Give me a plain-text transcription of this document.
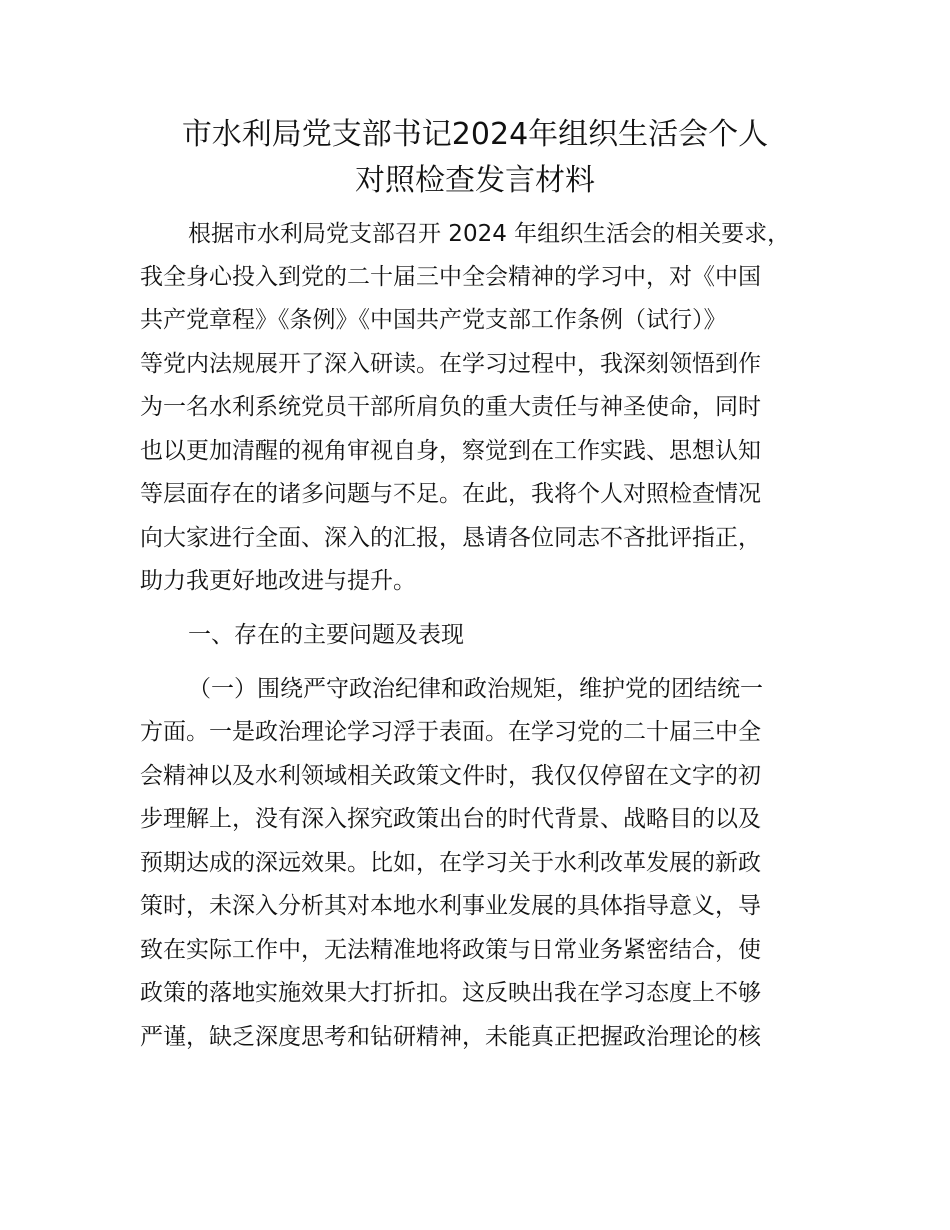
市水利局党支部书记2024年组织生活会个人
对照检查发言材料
根据市水利局党支部召开 2024 年组织生活会的相关要求，
我全身心投入到党的二十届三中全会精神的学习中，对《中国
共产党章程》《条例》《中国共产党支部工作条例（试行）》
等党内法规展开了深入研读。在学习过程中，我深刻领悟到作
为一名水利系统党员干部所肩负的重大责任与神圣使命，同时
也以更加清醒的视角审视自身，察觉到在工作实践、思想认知
等层面存在的诸多问题与不足。在此，我将个人对照检查情况
向大家进行全面、深入的汇报，恳请各位同志不吝批评指正，
助力我更好地改进与提升。
一、存在的主要问题及表现
（一）围绕严守政治纪律和政治规矩，维护党的团结统一
方面。一是政治理论学习浮于表面。在学习党的二十届三中全
会精神以及水利领域相关政策文件时，我仅仅停留在文字的初
步理解上，没有深入探究政策出台的时代背景、战略目的以及
预期达成的深远效果。比如，在学习关于水利改革发展的新政
策时，未深入分析其对本地水利事业发展的具体指导意义，导
致在实际工作中，无法精准地将政策与日常业务紧密结合，使
政策的落地实施效果大打折扣。这反映出我在学习态度上不够
严谨，缺乏深度思考和钻研精神，未能真正把握政治理论的核
